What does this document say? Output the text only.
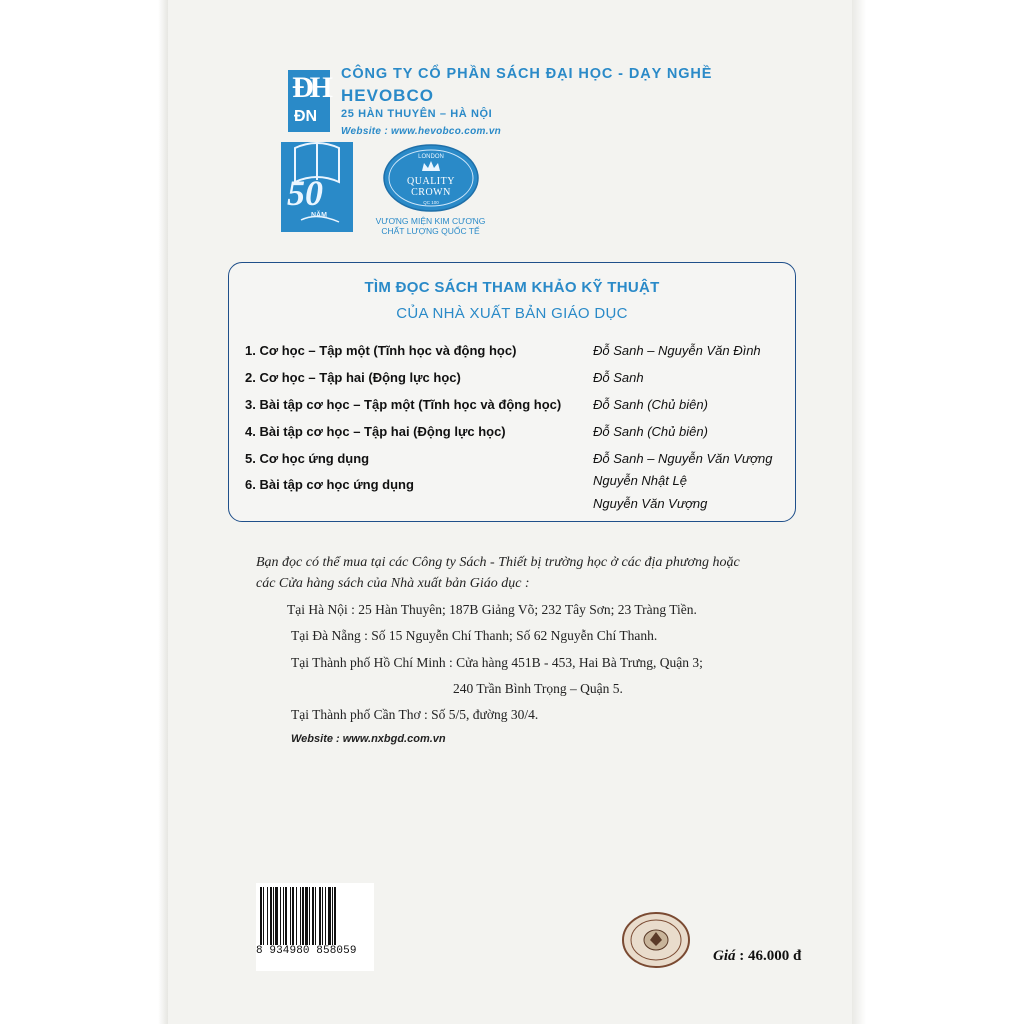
ĐH
ĐN
CÔNG TY CỔ PHẦN SÁCH ĐẠI HỌC - DẠY NGHỀ
HEVOBCO
25 HÀN THUYÊN – HÀ NỘI
Website : www.hevobco.com.vn
50
NĂM
LONDON
QUALITY
CROWN
QC 100
VƯƠNG MIỆN KIM CƯƠNG
CHẤT LƯỢNG QUỐC TẾ
TÌM ĐỌC SÁCH THAM KHẢO KỸ THUẬT
CỦA NHÀ XUẤT BẢN GIÁO DỤC
1. Cơ học – Tập một (Tĩnh học và động học)	Đỗ Sanh – Nguyễn Văn Đình
2. Cơ học – Tập hai (Động lực học)	Đỗ Sanh
3. Bài tập cơ học – Tập một (Tĩnh học và động học) Đỗ Sanh (Chủ biên)
4. Bài tập cơ học – Tập hai (Động lực học)	Đỗ Sanh (Chủ biên)
5. Cơ học ứng dụng	Đỗ Sanh – Nguyễn Văn Vượng
6. Bài tập cơ học ứng dụng	Nguyễn Nhật Lệ
Nguyễn Văn Vượng
Bạn đọc có thể mua tại các Công ty Sách - Thiết bị trường học ở các địa phương hoặc
các Cửa hàng sách của Nhà xuất bản Giáo dục :
Tại Hà Nội : 25 Hàn Thuyên; 187B Giảng Võ; 232 Tây Sơn; 23 Tràng Tiền.
Tại Đà Nẵng : Số 15 Nguyễn Chí Thanh; Số 62 Nguyễn Chí Thanh.
Tại Thành phố Hồ Chí Minh : Cửa hàng 451B - 453, Hai Bà Trưng, Quận 3;
240 Trần Bình Trọng – Quận 5.
Tại Thành phố Cần Thơ : Số 5/5, đường 30/4.
Website : www.nxbgd.com.vn
8 934980 858059	Giá : 46.000 đ
